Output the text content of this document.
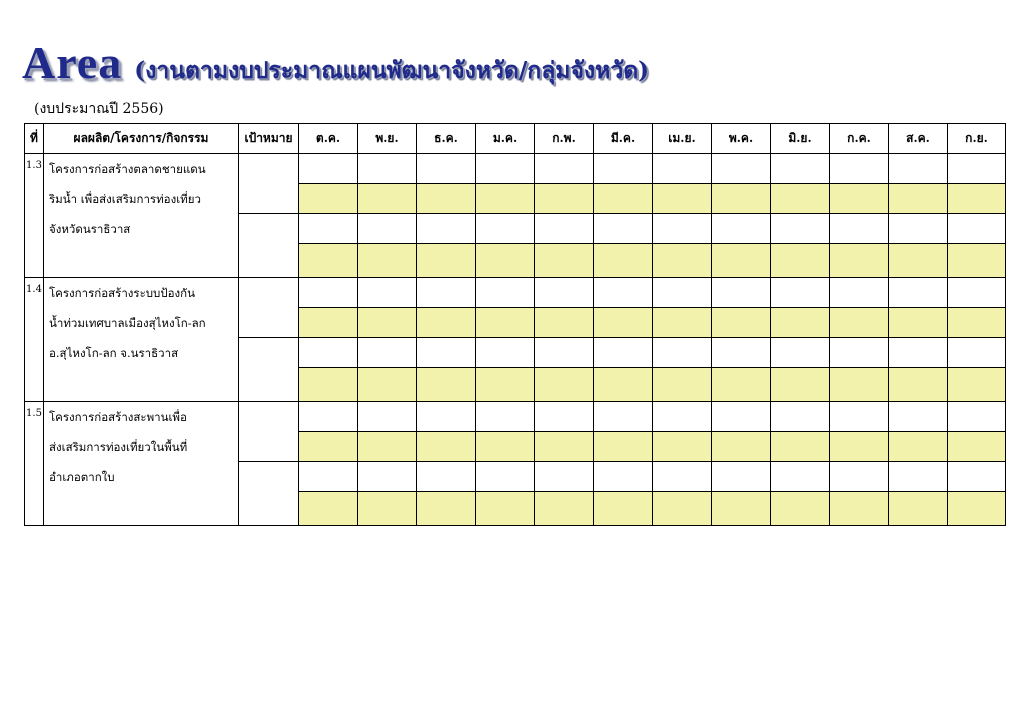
Area (งานตามงบประมาณแผนพัฒนาจังหวัด/กลุ่มจังหวัด)
(งบประมาณปี 2556)
ที่	ผลผลิต/โครงการ/กิจกรรม	เป้าหมาย	ต.ค.	พ.ย.	ธ.ค.	ม.ค.	ก.พ.	มี.ค.	เม.ย.	พ.ค.	มิ.ย.	ก.ค.	ส.ค.	ก.ย.
1.3	โครงการก่อสร้างตลาดชายแดน
ริมน้ำ เพื่อส่งเสริมการท่องเที่ยว
จังหวัดนราธิวาส													

1.4	โครงการก่อสร้างระบบป้องกัน
น้ำท่วมเทศบาลเมืองสุไหงโก-ลก
อ.สุไหงโก-ลก จ.นราธิวาส													

1.5	โครงการก่อสร้างสะพานเพื่อ
ส่งเสริมการท่องเที่ยวในพื้นที่
อำเภอตากใบ													
